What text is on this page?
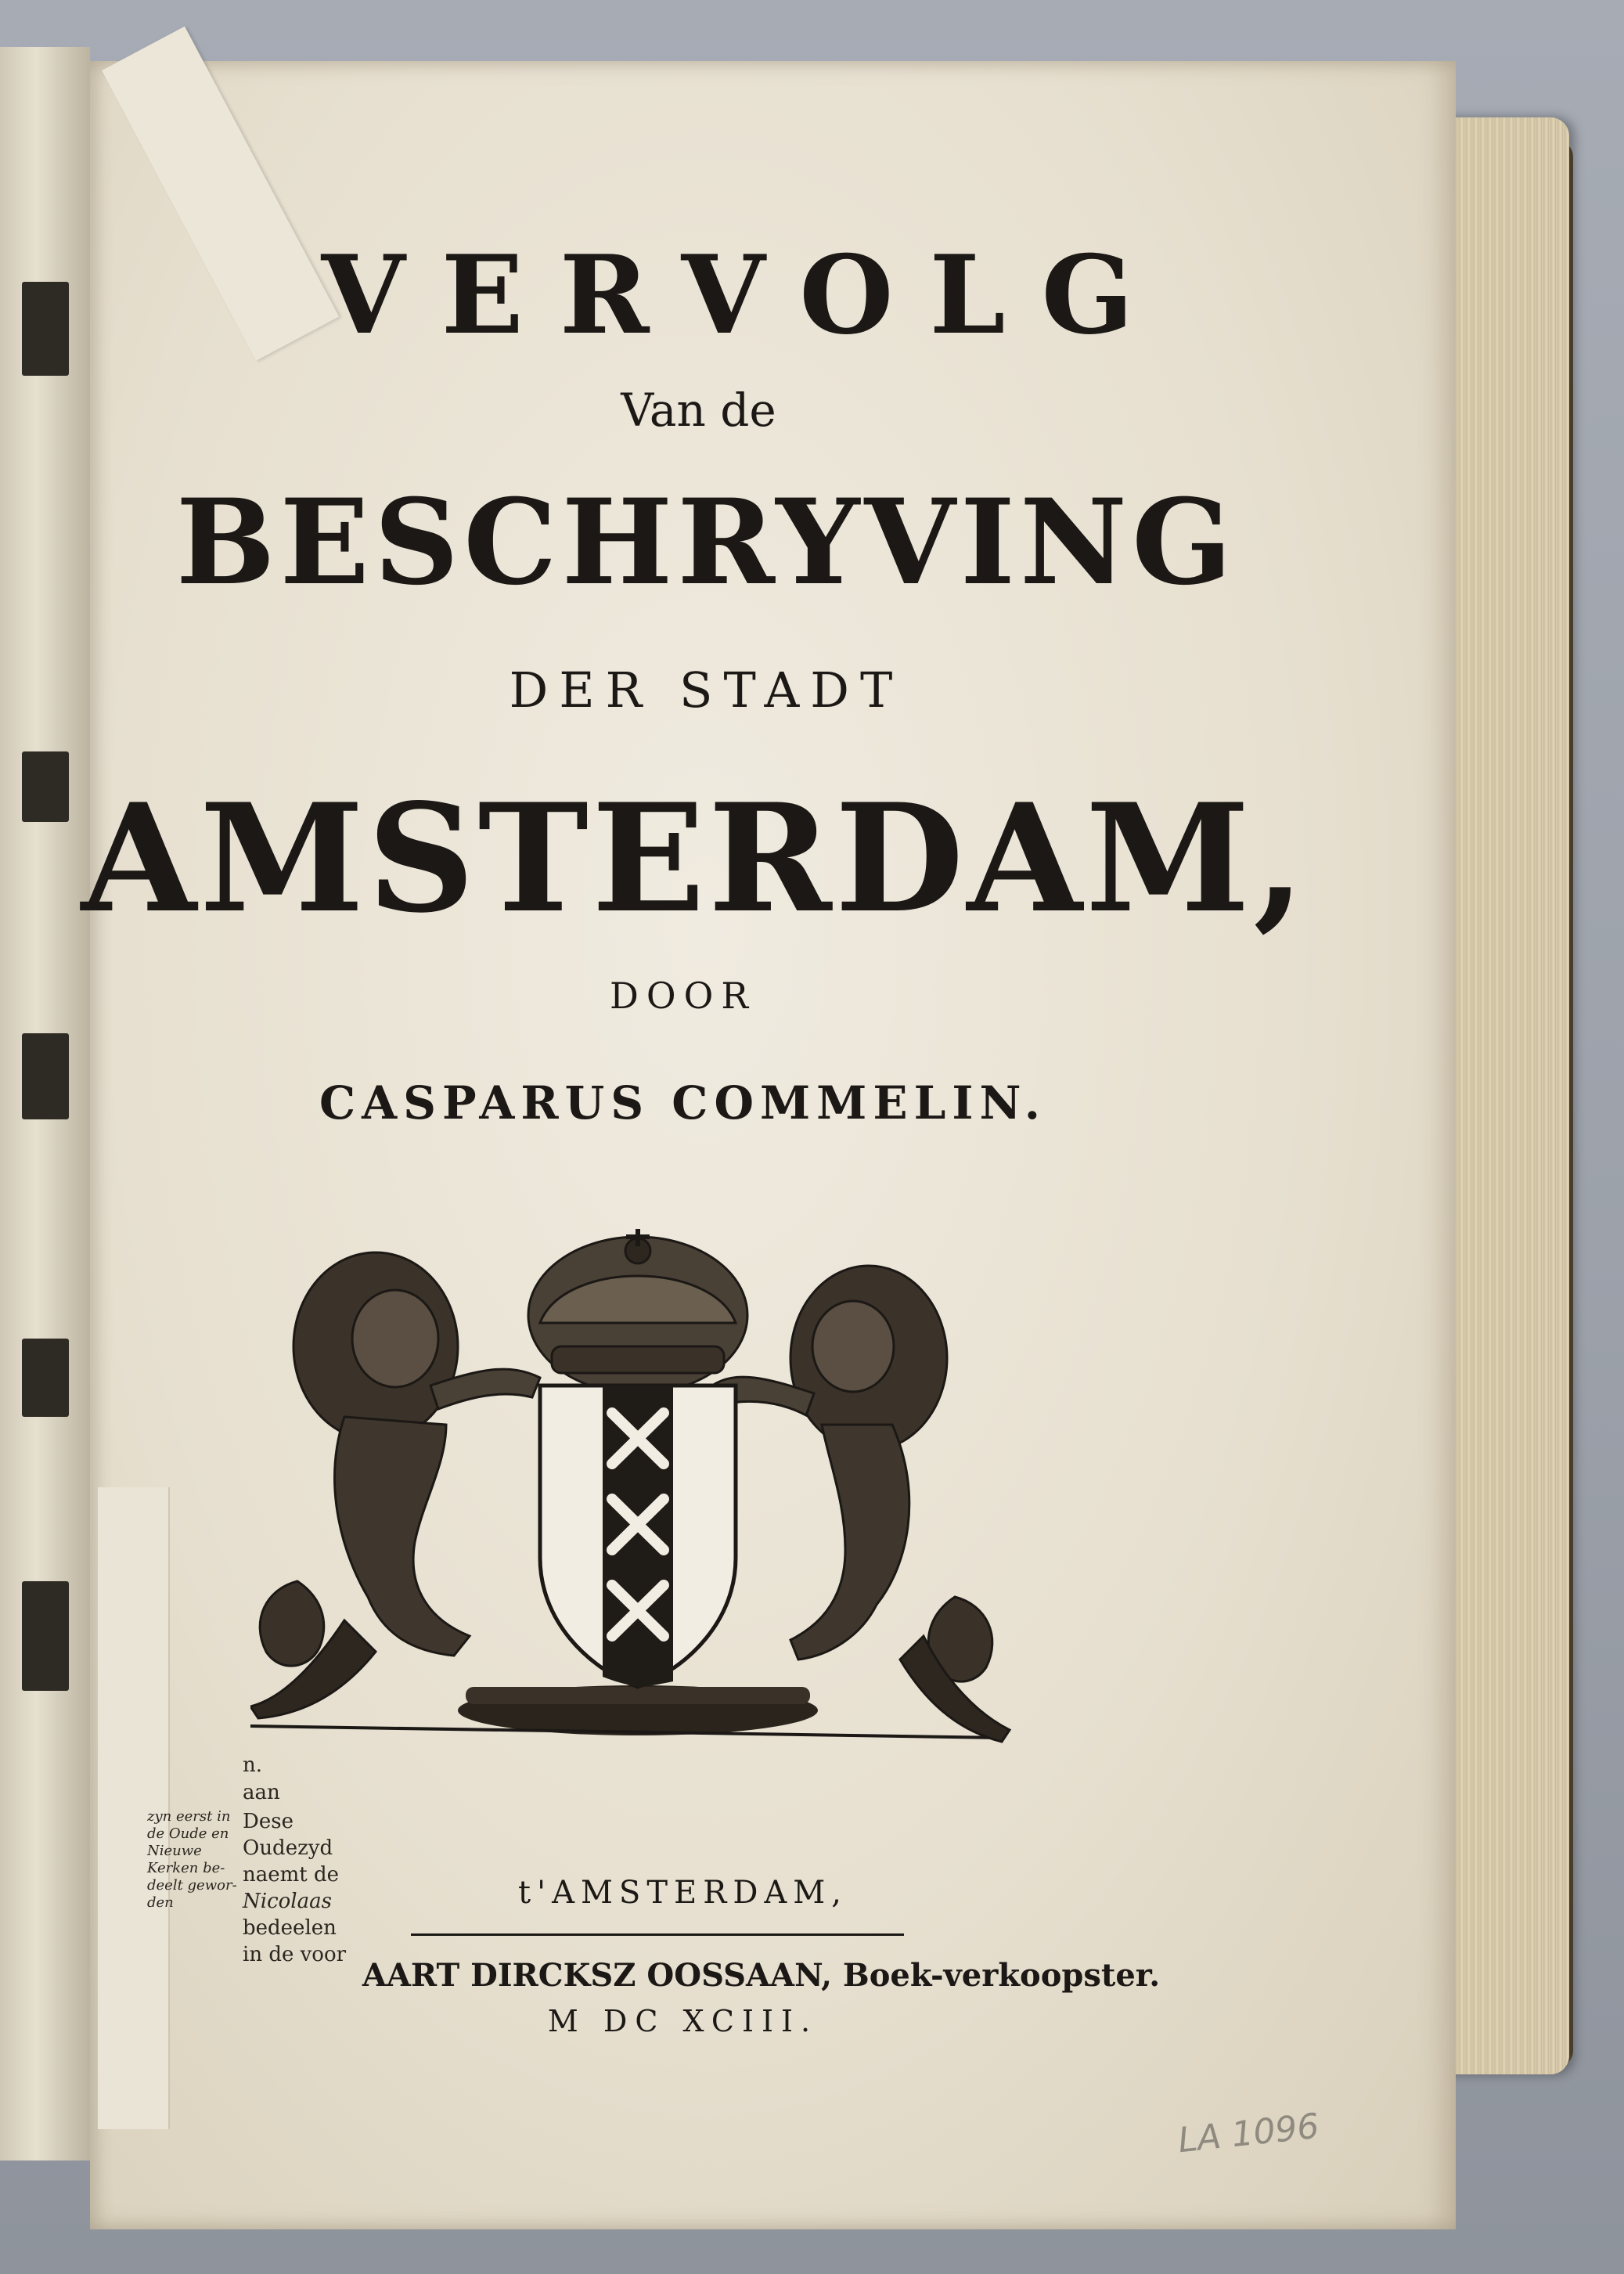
VERVOLG
Van de
BESCHRYVING
DER STADT
AMSTERDAM,
DOOR
CASPARUS COMMELIN.
n.
aan
Dese
Oudezyd
naemt de
Nicolaas
bedeelen
in de voor
zyn eerst in
de Oude en
Nieuwe
Kerken be-
deelt gewor-
den	t'AMSTERDAM,
AART DIRCKSZ OOSSAAN, Boek-verkoopster.
M DC XCIII.
LA 1096
